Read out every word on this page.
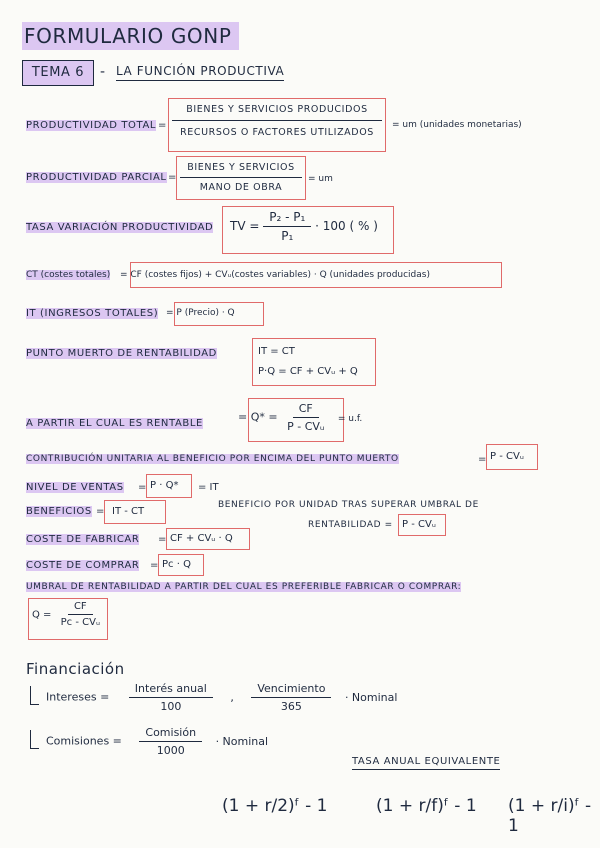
FORMULARIO GONP
TEMA 6	- LA FUNCIÓN PRODUCTIVA
PRODUCTIVIDAD TOTAL =
BIENES Y SERVICIOS PRODUCIDOS
RECURSOS O FACTORES UTILIZADOS
= um (unidades monetarias)
PRODUCTIVIDAD PARCIAL =
BIENES Y SERVICIOS
MANO DE OBRA
= um
TASA VARIACIÓN PRODUCTIVIDAD TV = $\frac{\text{P₂ - P₁}}{\text{P₁}} \cdot 100$ ( % )
CT (costes totales) = CF (costes fijos) + CVᵤ(costes variables) · Q (unidades producidas)
IT (INGRESOS TOTALES) = P (Precio) · Q
PUNTO MUERTO DE RENTABILIDAD	IT = CT
P·Q = CF + CVᵤ + Q
A PARTIR EL CUAL ES RENTABLE	= $Q* = \frac{CF}{\text{P - CVᵤ}} = u.f$.
CONTRIBUCIÓN UNITARIA AL BENEFICIO POR ENCIMA DEL PUNTO MUERTO	= P - CVᵤ
NIVEL DE VENTAS = P · Q* = IT
BENEFICIOS = IT - CT
BENEFICIO POR UNIDAD TRAS SUPERAR UMBRAL DE
RENTABILIDAD = P - CVᵤ
COSTE DE FABRICAR = CF + CVᵤ · Q
COSTE DE COMPRAR = Pᴄ · Q
UMBRAL DE RENTABILIDAD A PARTIR DEL CUAL ES PREFERIBLE FABRICAR O COMPRAR:
$Q = \frac{CF}{\text{Pᴄ - CVᵤ}}$
Financiación
Intereses = $\frac{\text{Interés anual}}{100}$ , $\frac{\text{Vencimiento}}{365}$ · Nominal
Comisiones = $\frac{\text{Comisión}}{1000}$ · Nominal
TASA ANUAL EQUIVALENTE
(1 + r/2)ᶠ - 1	(1 + r/f)ᶠ - 1 (1 + r/i)ᶠ - 1
